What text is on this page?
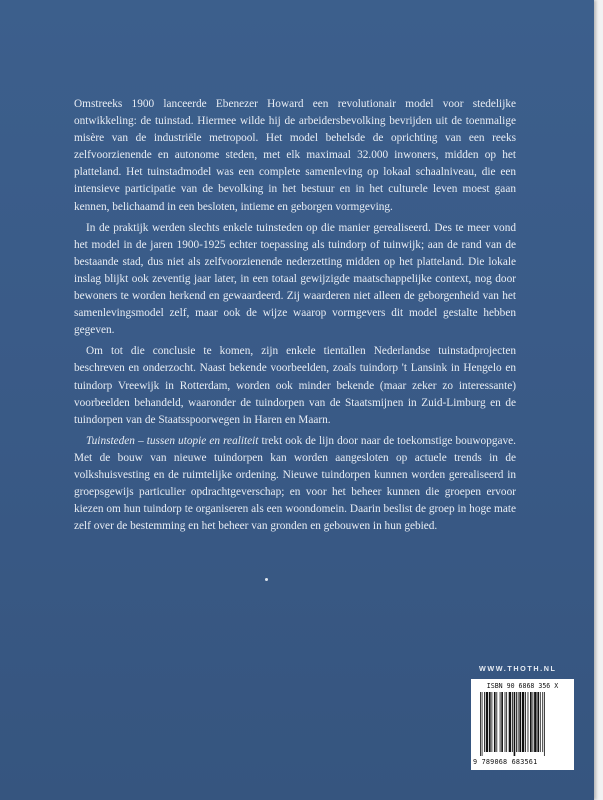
Omstreeks 1900 lanceerde Ebenezer Howard een revolutionair model voor stedelijke ontwikkeling: de tuinstad. Hiermee wilde hij de arbeidersbevolking bevrijden uit de toenmalige misère van de industriële metropool. Het model behelsde de oprichting van een reeks zelfvoorzienende en autonome steden, met elk maximaal 32.000 inwoners, midden op het platteland. Het tuinstadmodel was een complete samenleving op lokaal schaalniveau, die een intensieve participatie van de bevolking in het bestuur en in het culturele leven moest gaan kennen, belichaamd in een besloten, intieme en geborgen vormgeving.

In de praktijk werden slechts enkele tuinsteden op die manier gerealiseerd. Des te meer vond het model in de jaren 1900-1925 echter toepassing als tuindorp of tuinwijk; aan de rand van de bestaande stad, dus niet als zelfvoorzienende nederzetting midden op het platteland. Die lokale inslag blijkt ook zeventig jaar later, in een totaal gewijzigde maatschappelijke context, nog door bewoners te worden herkend en gewaardeerd. Zij waarderen niet alleen de geborgenheid van het samenlevingsmodel zelf, maar ook de wijze waarop vormgevers dit model gestalte hebben gegeven.

Om tot die conclusie te komen, zijn enkele tientallen Nederlandse tuinstadprojecten beschreven en onderzocht. Naast bekende voorbeelden, zoals tuindorp 't Lansink in Hengelo en tuindorp Vreewijk in Rotterdam, worden ook minder bekende (maar zeker zo interessante) voorbeelden behandeld, waaronder de tuindorpen van de Staatsmijnen in Zuid-Limburg en de tuindorpen van de Staatsspoorwegen in Haren en Maarn.

Tuinsteden – tussen utopie en realiteit trekt ook de lijn door naar de toekomstige bouwopgave. Met de bouw van nieuwe tuindorpen kan worden aangesloten op actuele trends in de volkshuisvesting en de ruimtelijke ordening. Nieuwe tuindorpen kunnen worden gerealiseerd in groepsgewijs particulier opdrachtgeverschap; en voor het beheer kunnen die groepen ervoor kiezen om hun tuindorp te organiseren als een woondomein. Daarin beslist de groep in hoge mate zelf over de bestemming en het beheer van gronden en gebouwen in hun gebied.

WWW.THOTH.NL
ISBN 90 6868 356 X
9 789068 683561
